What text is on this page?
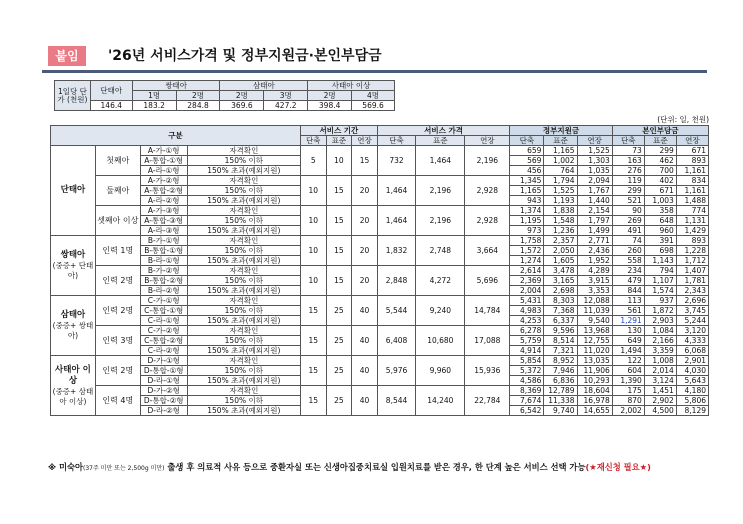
붙임	'26년 서비스가격 및 정부지원금·본인부담금
1일당 단가 (천원)	단태아	쌍태아		삼태아		사태아 이상	
		1명	2명	2명	3명	2명	4명
	146.4	183.2	284.8	369.6	427.2	398.4	569.6
(단위: 일, 천원)
구분				서비스 기간			서비스 가격			정부지원금			본인부담금		
				단축	표준	연장	단축	표준	연장	단축	표준	연장	단축	표준	연장

단태아	첫째아	A-가-①형	자격확인	5	10	15	732	1,464	2,196	659	1,165	1,525	73	299	671
		A-통합-①형	150% 이하							569	1,002	1,303	163	462	893
		A-라-①형	150% 초과(예외지원)							456	764	1,035	276	700	1,161
	둘째아	A-가-②형	자격확인	10	15	20	1,464	2,196	2,928	1,345	1,794	2,094	119	402	834
		A-통합-②형	150% 이하							1,165	1,525	1,767	299	671	1,161
		A-라-②형	150% 초과(예외지원)							943	1,193	1,440	521	1,003	1,488
	셋째아 이상	A-가-③형	자격확인	10	15	20	1,464	2,196	2,928	1,374	1,838	2,154	90	358	774
		A-통합-③형	150% 이하							1,195	1,548	1,797	269	648	1,131
		A-라-③형	150% 초과(예외지원)							973	1,236	1,499	491	960	1,429

쌍태아
(중증+ 단태아)	인력 1명	B-가-①형	자격확인	10	15	20	1,832	2,748	3,664	1,758	2,357	2,771	74	391	893
		B-통합-①형	150% 이하							1,572	2,050	2,436	260	698	1,228
		B-라-①형	150% 초과(예외지원)							1,274	1,605	1,952	558	1,143	1,712
	인력 2명	B-가-②형	자격확인	10	15	20	2,848	4,272	5,696	2,614	3,478	4,289	234	794	1,407
		B-통합-②형	150% 이하							2,369	3,165	3,915	479	1,107	1,781
		B-라-②형	150% 초과(예외지원)							2,004	2,698	3,353	844	1,574	2,343

삼태아
(중증+ 쌍태아)	인력 2명	C-가-①형	자격확인	15	25	40	5,544	9,240	14,784	5,431	8,303	12,088	113	937	2,696
		C-통합-①형	150% 이하							4,983	7,368	11,039	561	1,872	3,745
		C-라-①형	150% 초과(예외지원)							4,253	6,337	9,540	1,291	2,903	5,244
	인력 3명	C-가-②형	자격확인	15	25	40	6,408	10,680	17,088	6,278	9,596	13,968	130	1,084	3,120
		C-통합-②형	150% 이하							5,759	8,514	12,755	649	2,166	4,333
		C-라-②형	150% 초과(예외지원)							4,914	7,321	11,020	1,494	3,359	6,068

사태아 이상
(중증+ 삼태아 이상)	인력 2명	D-가-①형	자격확인	15	25	40	5,976	9,960	15,936	5,854	8,952	13,035	122	1,008	2,901
		D-통합-①형	150% 이하							5,372	7,946	11,906	604	2,014	4,030
		D-라-①형	150% 초과(예외지원)							4,586	6,836	10,293	1,390	3,124	5,643
	인력 4명	D-가-②형	자격확인	15	25	40	8,544	14,240	22,784	8,369	12,789	18,604	175	1,451	4,180
		D-통합-②형	150% 이하							7,674	11,338	16,978	870	2,902	5,806
		D-라-②형	150% 초과(예외지원)							6,542	9,740	14,655	2,002	4,500	8,129
※ 미숙아(37주 미만 또는 2,500g 미만) 출생 후 의료적 사유 등으로 중환자실 또는 신생아집중치료실 입원치료를 받은 경우, 한 단계 높은 서비스 선택 가능(★재신청 필요★)
